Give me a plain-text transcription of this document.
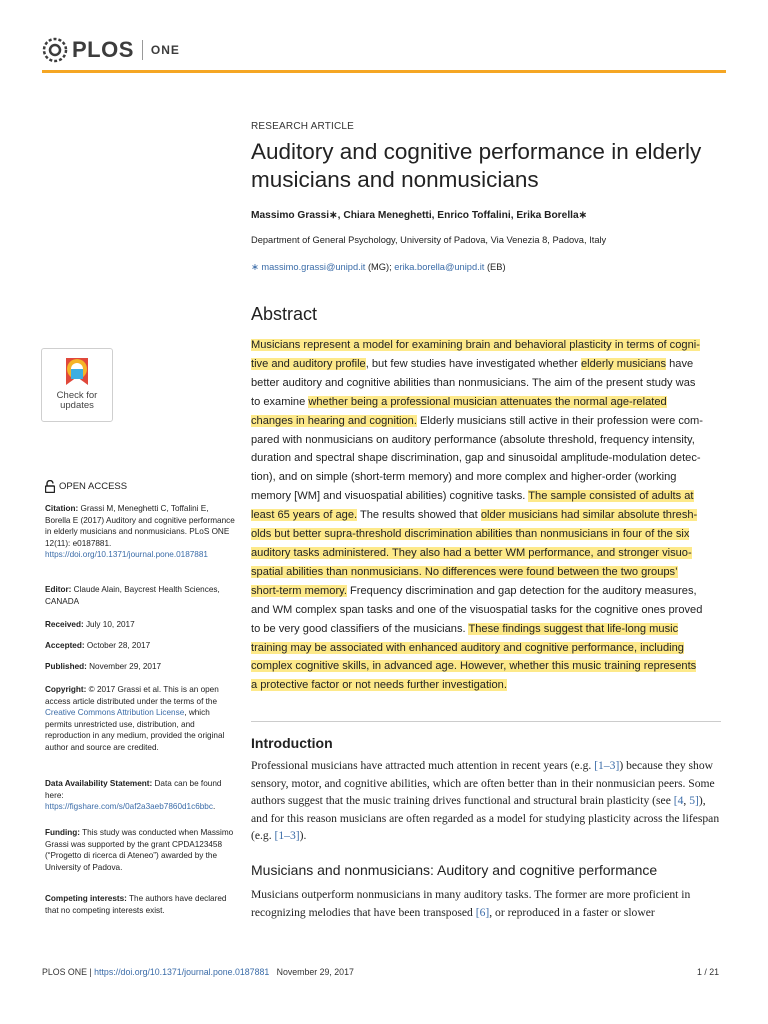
PLOS ONE
RESEARCH ARTICLE
Auditory and cognitive performance in elderly musicians and nonmusicians
Massimo Grassi∗, Chiara Meneghetti, Enrico Toffalini, Erika Borella∗
Department of General Psychology, University of Padova, Via Venezia 8, Padova, Italy
∗ massimo.grassi@unipd.it (MG); erika.borella@unipd.it (EB)
Abstract
Musicians represent a model for examining brain and behavioral plasticity in terms of cogni-
tive and auditory profile, but few studies have investigated whether elderly musicians have
better auditory and cognitive abilities than nonmusicians. The aim of the present study was
to examine whether being a professional musician attenuates the normal age-related
changes in hearing and cognition. Elderly musicians still active in their profession were com-
pared with nonmusicians on auditory performance (absolute threshold, frequency intensity,
duration and spectral shape discrimination, gap and sinusoidal amplitude-modulation detec-
tion), and on simple (short-term memory) and more complex and higher-order (working
memory [WM] and visuospatial abilities) cognitive tasks. The sample consisted of adults at
least 65 years of age. The results showed that older musicians had similar absolute thresh-
olds but better supra-threshold discrimination abilities than nonmusicians in four of the six
auditory tasks administered. They also had a better WM performance, and stronger visuo-
spatial abilities than nonmusicians. No differences were found between the two groups’
short-term memory. Frequency discrimination and gap detection for the auditory measures,
and WM complex span tasks and one of the visuospatial tasks for the cognitive ones proved
to be very good classifiers of the musicians. These findings suggest that life-long music
training may be associated with enhanced auditory and cognitive performance, including
complex cognitive skills, in advanced age. However, whether this music training represents
a protective factor or not needs further investigation.
Introduction
Professional musicians have attracted much attention in recent years (e.g. [1–3]) because they show sensory, motor, and cognitive abilities, which are often better than in their nonmusician peers. Some authors suggest that the music training drives functional and structural brain plasticity (see [4, 5]), and for this reason musicians are often regarded as a model for studying plasticity across the lifespan (e.g. [1–3]).
Musicians and nonmusicians: Auditory and cognitive performance
Musicians outperform nonmusicians in many auditory tasks. The former are more proficient in recognizing melodies that have been transposed [6], or reproduced in a faster or slower
Check for
updates
OPEN ACCESS
Citation: Grassi M, Meneghetti C, Toffalini E, Borella E (2017) Auditory and cognitive performance in elderly musicians and nonmusicians. PLoS ONE 12(11): e0187881. https://doi.org/10.1371/journal.pone.0187881
Editor: Claude Alain, Baycrest Health Sciences, CANADA
Received: July 10, 2017
Accepted: October 28, 2017
Published: November 29, 2017
Copyright: © 2017 Grassi et al. This is an open access article distributed under the terms of the Creative Commons Attribution License, which permits unrestricted use, distribution, and reproduction in any medium, provided the original author and source are credited.
Data Availability Statement: Data can be found here: https://figshare.com/s/0af2a3aeb7860d1c6bbc.
Funding: This study was conducted when Massimo Grassi was supported by the grant CPDA123458 (“Progetto di ricerca di Ateneo”) awarded by the University of Padova.
Competing interests: The authors have declared that no competing interests exist.
PLOS ONE | https://doi.org/10.1371/journal.pone.0187881   November 29, 2017	1 / 21
